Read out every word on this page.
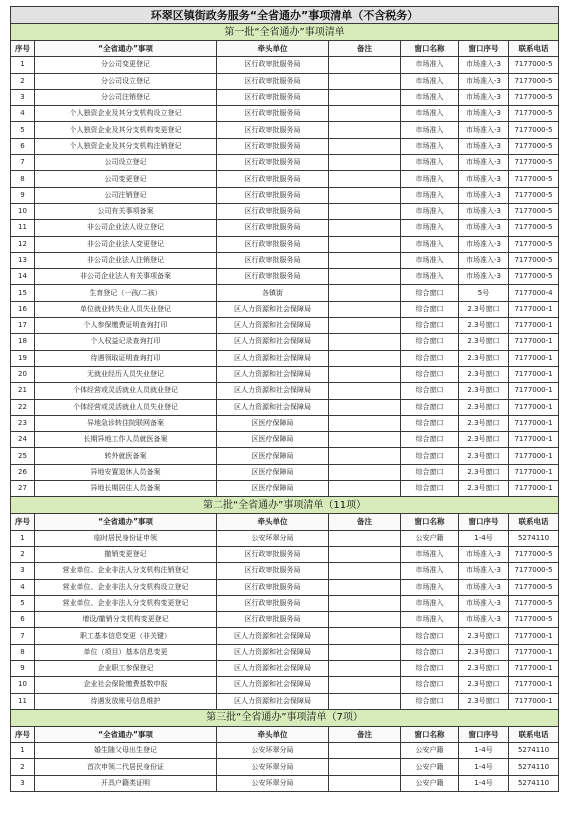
环翠区镇街政务服务“全省通办”事项清单（不含税务）						
第一批“全省通办”事项清单						
序号	“全省通办”事项	牵头单位	备注	窗口名称	窗口序号	联系电话
1	分公司变更登记	区行政审批服务局		市场准入	市场准入-3	7177000-5
2	分公司设立登记	区行政审批服务局		市场准入	市场准入-3	7177000-5
3	分公司注销登记	区行政审批服务局		市场准入	市场准入-3	7177000-5
4	个人独资企业及其分支机构设立登记	区行政审批服务局		市场准入	市场准入-3	7177000-5
5	个人独资企业及其分支机构变更登记	区行政审批服务局		市场准入	市场准入-3	7177000-5
6	个人独资企业及其分支机构注销登记	区行政审批服务局		市场准入	市场准入-3	7177000-5
7	公司设立登记	区行政审批服务局		市场准入	市场准入-3	7177000-5
8	公司变更登记	区行政审批服务局		市场准入	市场准入-3	7177000-5
9	公司注销登记	区行政审批服务局		市场准入	市场准入-3	7177000-5
10	公司有关事项备案	区行政审批服务局		市场准入	市场准入-3	7177000-5
11	非公司企业法人设立登记	区行政审批服务局		市场准入	市场准入-3	7177000-5
12	非公司企业法人变更登记	区行政审批服务局		市场准入	市场准入-3	7177000-5
13	非公司企业法人注销登记	区行政审批服务局		市场准入	市场准入-3	7177000-5
14	非公司企业法人有关事项备案	区行政审批服务局		市场准入	市场准入-3	7177000-5
15	生育登记（一孩/二孩）	各镇街		综合窗口	5号	7177000-4
16	单位就业转失业人员失业登记	区人力资源和社会保障局		综合窗口	2.3号窗口	7177000-1
17	个人参保缴费证明查询打印	区人力资源和社会保障局		综合窗口	2.3号窗口	7177000-1
18	个人权益记录查询打印	区人力资源和社会保障局		综合窗口	2.3号窗口	7177000-1
19	待遇领取证明查询打印	区人力资源和社会保障局		综合窗口	2.3号窗口	7177000-1
20	无就业经历人员失业登记	区人力资源和社会保障局		综合窗口	2.3号窗口	7177000-1
21	个体经营或灵活就业人员就业登记	区人力资源和社会保障局		综合窗口	2.3号窗口	7177000-1
22	个体经营或灵活就业人员失业登记	区人力资源和社会保障局		综合窗口	2.3号窗口	7177000-1
23	异地急诊转住院联网备案	区医疗保障局		综合窗口	2.3号窗口	7177000-1
24	长期异地工作人员就医备案	区医疗保障局		综合窗口	2.3号窗口	7177000-1
25	转外就医备案	区医疗保障局		综合窗口	2.3号窗口	7177000-1
26	异地安置退休人员备案	区医疗保障局		综合窗口	2.3号窗口	7177000-1
27	异地长期居住人员备案	区医疗保障局		综合窗口	2.3号窗口	7177000-1
第二批“全省通办”事项清单（11项）						
序号	“全省通办”事项	牵头单位	备注	窗口名称	窗口序号	联系电话
1	临时居民身份证申领	公安环翠分局		公安户籍	1-4号	5274110
2	撤销变更登记	区行政审批服务局		市场准入	市场准入-3	7177000-5
3	营业单位、企业非法人分支机构注销登记	区行政审批服务局		市场准入	市场准入-3	7177000-5
4	营业单位、企业非法人分支机构设立登记	区行政审批服务局		市场准入	市场准入-3	7177000-5
5	营业单位、企业非法人分支机构变更登记	区行政审批服务局		市场准入	市场准入-3	7177000-5
6	增设/撤销分支机构变更登记	区行政审批服务局		市场准入	市场准入-3	7177000-5
7	职工基本信息变更（非关键）	区人力资源和社会保障局		综合窗口	2.3号窗口	7177000-1
8	单位（项目）基本信息变更	区人力资源和社会保障局		综合窗口	2.3号窗口	7177000-1
9	企业职工参保登记	区人力资源和社会保障局		综合窗口	2.3号窗口	7177000-1
10	企业社会保险缴费基数申报	区人力资源和社会保障局		综合窗口	2.3号窗口	7177000-1
11	待遇发放账号信息维护	区人力资源和社会保障局		综合窗口	2.3号窗口	7177000-1
第三批“全省通办”事项清单（7项）						
序号	“全省通办”事项	牵头单位	备注	窗口名称	窗口序号	联系电话
1	婚生随父母出生登记	公安环翠分局		公安户籍	1-4号	5274110
2	首次申领二代居民身份证	公安环翠分局		公安户籍	1-4号	5274110
3	开具户籍类证明	公安环翠分局		公安户籍	1-4号	5274110
